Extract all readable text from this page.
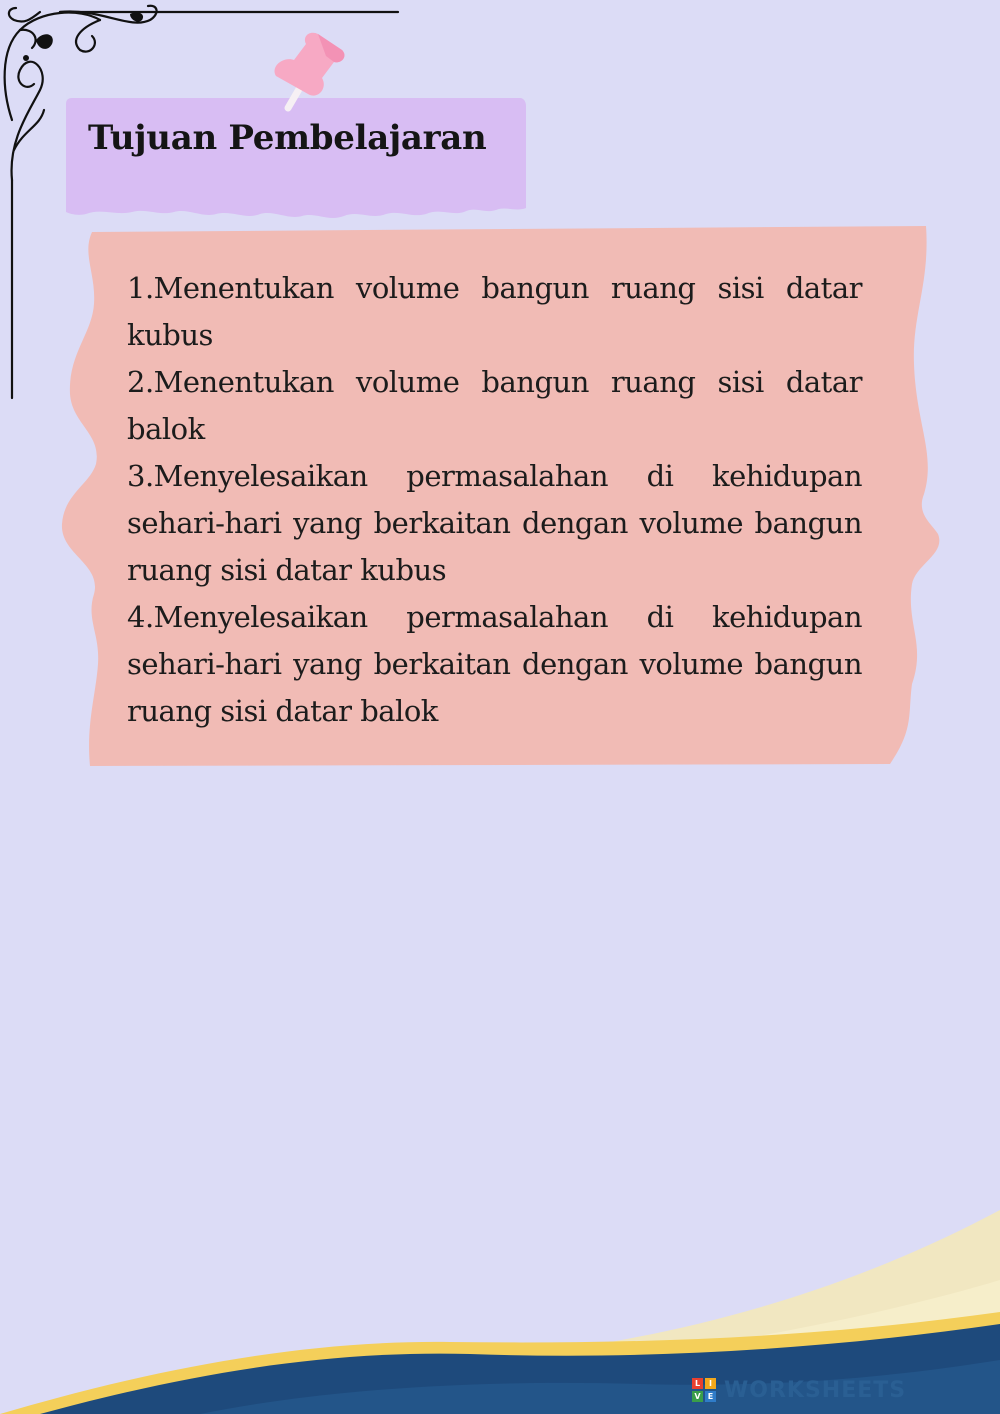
Tujuan Pembelajaran

1.Menentukan volume bangun ruang sisi datar kubus

2.Menentukan volume bangun ruang sisi datar balok

3.Menyelesaikan permasalahan di kehidupan sehari-hari yang berkaitan dengan volume bangun ruang sisi datar kubus

4.Menyelesaikan permasalahan di kehidupan sehari-hari yang berkaitan dengan volume bangun ruang sisi datar balok

L	I
V E WORKSHEETS
